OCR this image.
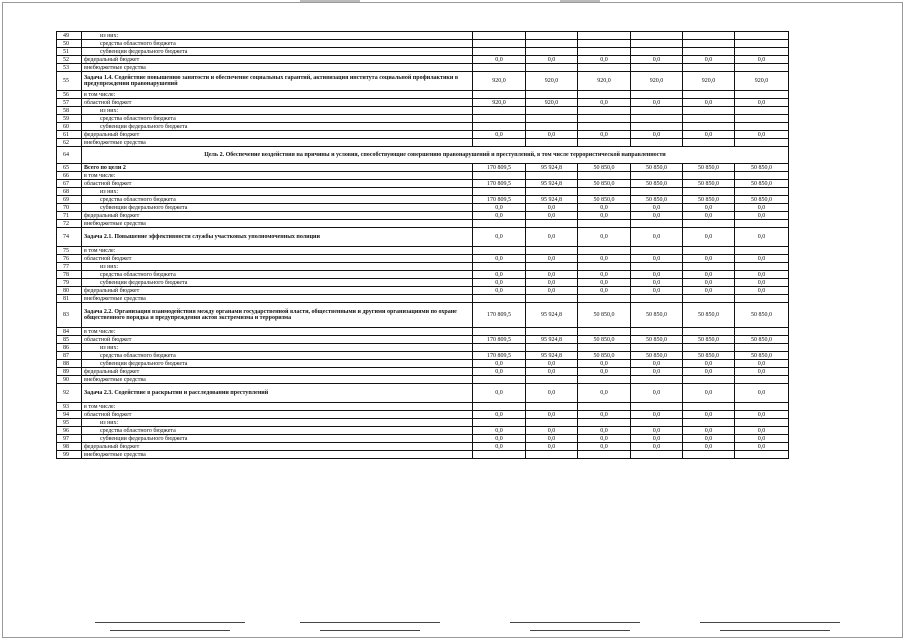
49	из них:						
50	средства областного бюджета						
51	субвенции федерального бюджета						
52	федеральный бюджет	0,0	0,0	0,0	0,0	0,0	0,0
53	внебюджетные средства						
55	Задача 1.4. Содействие повышению занятости и обеспечение социальных гарантий, активизация института социальной профилактики в предупреждении правонарушений	920,0	920,0	920,0	920,0	920,0	920,0
56	в том числе:						
57	областной бюджет	920,0	920,0	0,0	0,0	0,0	0,0
58	из них:						
59	средства областного бюджета						
60	субвенции федерального бюджета						
61	федеральный бюджет	0,0	0,0	0,0	0,0	0,0	0,0
62	внебюджетные средства						
64	Цель 2. Обеспечение воздействия на причины и условия, способствующие совершению правонарушений и преступлений, в том числе террористической направленности						
65	Всего по цели 2	170 809,5	95 924,8	50 850,0	50 850,0	50 850,0	50 850,0
66	в том числе:						
67	областной бюджет	170 809,5	95 924,8	50 850,0	50 850,0	50 850,0	50 850,0
68	из них:						
69	средства областного бюджета	170 809,5	95 924,8	50 850,0	50 850,0	50 850,0	50 850,0
70	субвенции федерального бюджета	0,0	0,0	0,0	0,0	0,0	0,0
71	федеральный бюджет	0,0	0,0	0,0	0,0	0,0	0,0
72	внебюджетные средства						
74	Задача 2.1. Повышение эффективности службы участковых уполномоченных полиции	0,0	0,0	0,0	0,0	0,0	0,0
75	в том числе:						
76	областной бюджет	0,0	0,0	0,0	0,0	0,0	0,0
77	из них:						
78	средства областного бюджета	0,0	0,0	0,0	0,0	0,0	0,0
79	субвенции федерального бюджета	0,0	0,0	0,0	0,0	0,0	0,0
80	федеральный бюджет	0,0	0,0	0,0	0,0	0,0	0,0
81	внебюджетные средства						
83	Задача 2.2. Организация взаимодействия между органами государственной власти, общественными и другими организациями по охране общественного порядка и предупреждения актов экстремизма и терроризма	170 809,5	95 924,8	50 850,0	50 850,0	50 850,0	50 850,0
84	в том числе:						
85	областной бюджет	170 809,5	95 924,8	50 850,0	50 850,0	50 850,0	50 850,0
86	из них:						
87	средства областного бюджета	170 809,5	95 924,8	50 850,0	50 850,0	50 850,0	50 850,0
88	субвенции федерального бюджета	0,0	0,0	0,0	0,0	0,0	0,0
89	федеральный бюджет	0,0	0,0	0,0	0,0	0,0	0,0
90	внебюджетные средства						
92	Задача 2.3. Содействие в раскрытии и расследовании преступлений	0,0	0,0	0,0	0,0	0,0	0,0
93	в том числе:						
94	областной бюджет	0,0	0,0	0,0	0,0	0,0	0,0
95	из них:						
96	средства областного бюджета	0,0	0,0	0,0	0,0	0,0	0,0
97	субвенции федерального бюджета	0,0	0,0	0,0	0,0	0,0	0,0
98	федеральный бюджет	0,0	0,0	0,0	0,0	0,0	0,0
99	внебюджетные средства						
